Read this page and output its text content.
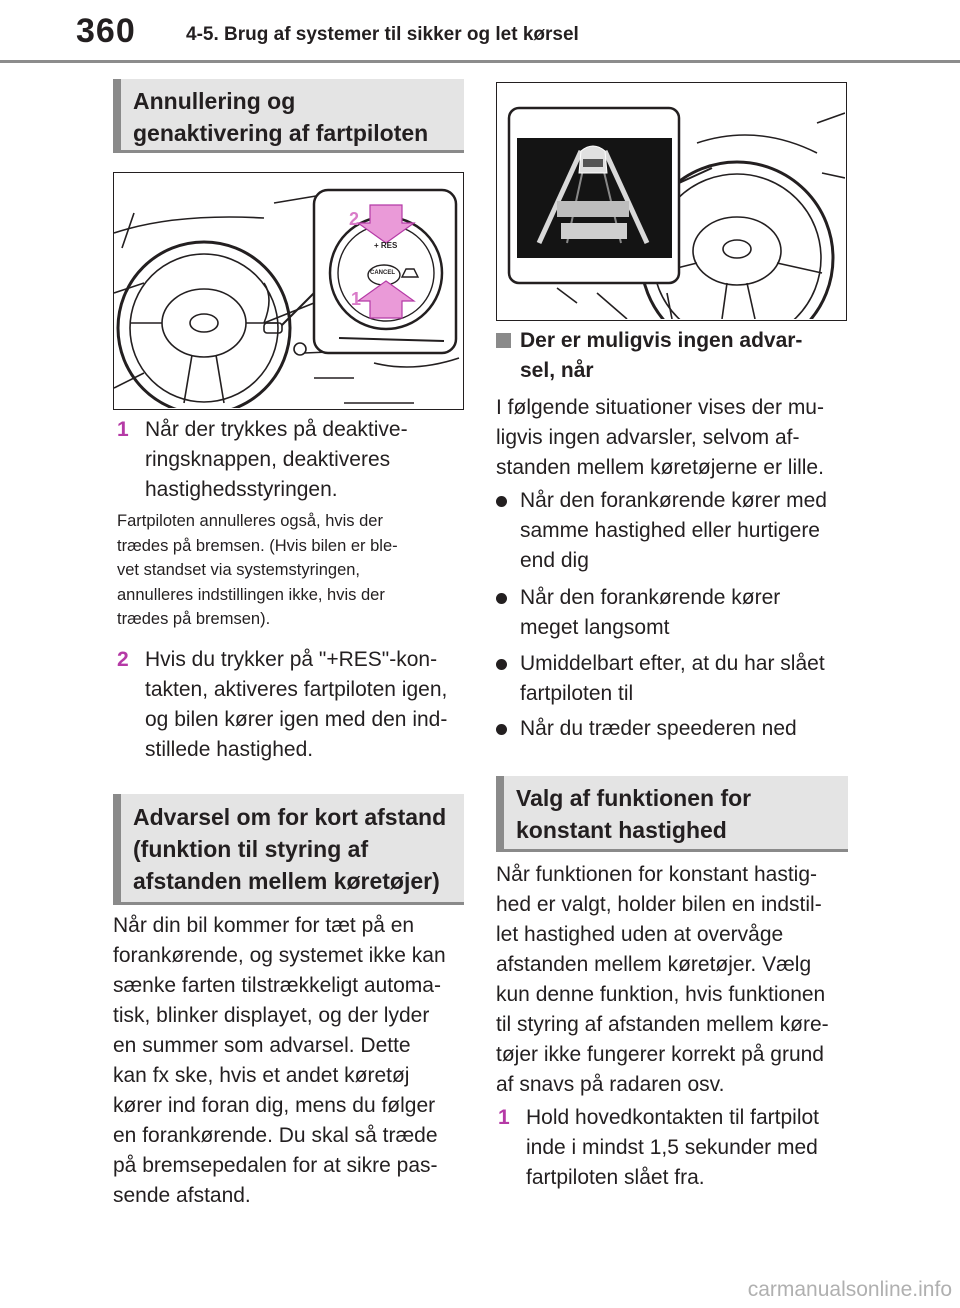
360	4-5. Brug af systemer til sikker og let kørsel
Annullering og
genaktivering af fartpiloten
2
1
+ RES
CANCEL
1 Når der trykkes på deaktive-
ringsknappen, deaktiveres
hastighedsstyringen.
Fartpiloten annulleres også, hvis der
trædes på bremsen. (Hvis bilen er ble-
vet standset via systemstyringen,
annulleres indstillingen ikke, hvis der
trædes på bremsen).
2 Hvis du trykker på "+RES"-kon-
takten, aktiveres fartpiloten igen,
og bilen kører igen med den ind-
stillede hastighed.
Advarsel om for kort afstand
(funktion til styring af
afstanden mellem køretøjer)
Når din bil kommer for tæt på en
forankørende, og systemet ikke kan
sænke farten tilstrækkeligt automa-
tisk, blinker displayet, og der lyder
en summer som advarsel. Dette
kan fx ske, hvis et andet køretøj
kører ind foran dig, mens du følger
en forankørende. Du skal så træde
på bremsepedalen for at sikre pas-
sende afstand.
Der er muligvis ingen advar-
sel, når
I følgende situationer vises der mu-
ligvis ingen advarsler, selvom af-
standen mellem køretøjerne er lille.
Når den forankørende kører med
samme hastighed eller hurtigere
end dig
Når den forankørende kører
meget langsomt
Umiddelbart efter, at du har slået
fartpiloten til
Når du træder speederen ned
Valg af funktionen for
konstant hastighed
Når funktionen for konstant hastig-
hed er valgt, holder bilen en indstil-
let hastighed uden at overvåge
afstanden mellem køretøjer. Vælg
kun denne funktion, hvis funktionen
til styring af afstanden mellem køre-
tøjer ikke fungerer korrekt på grund
af snavs på radaren osv.
1 Hold hovedkontakten til fartpilot
inde i mindst 1,5 sekunder med
fartpiloten slået fra.
carmanualsonline.info
